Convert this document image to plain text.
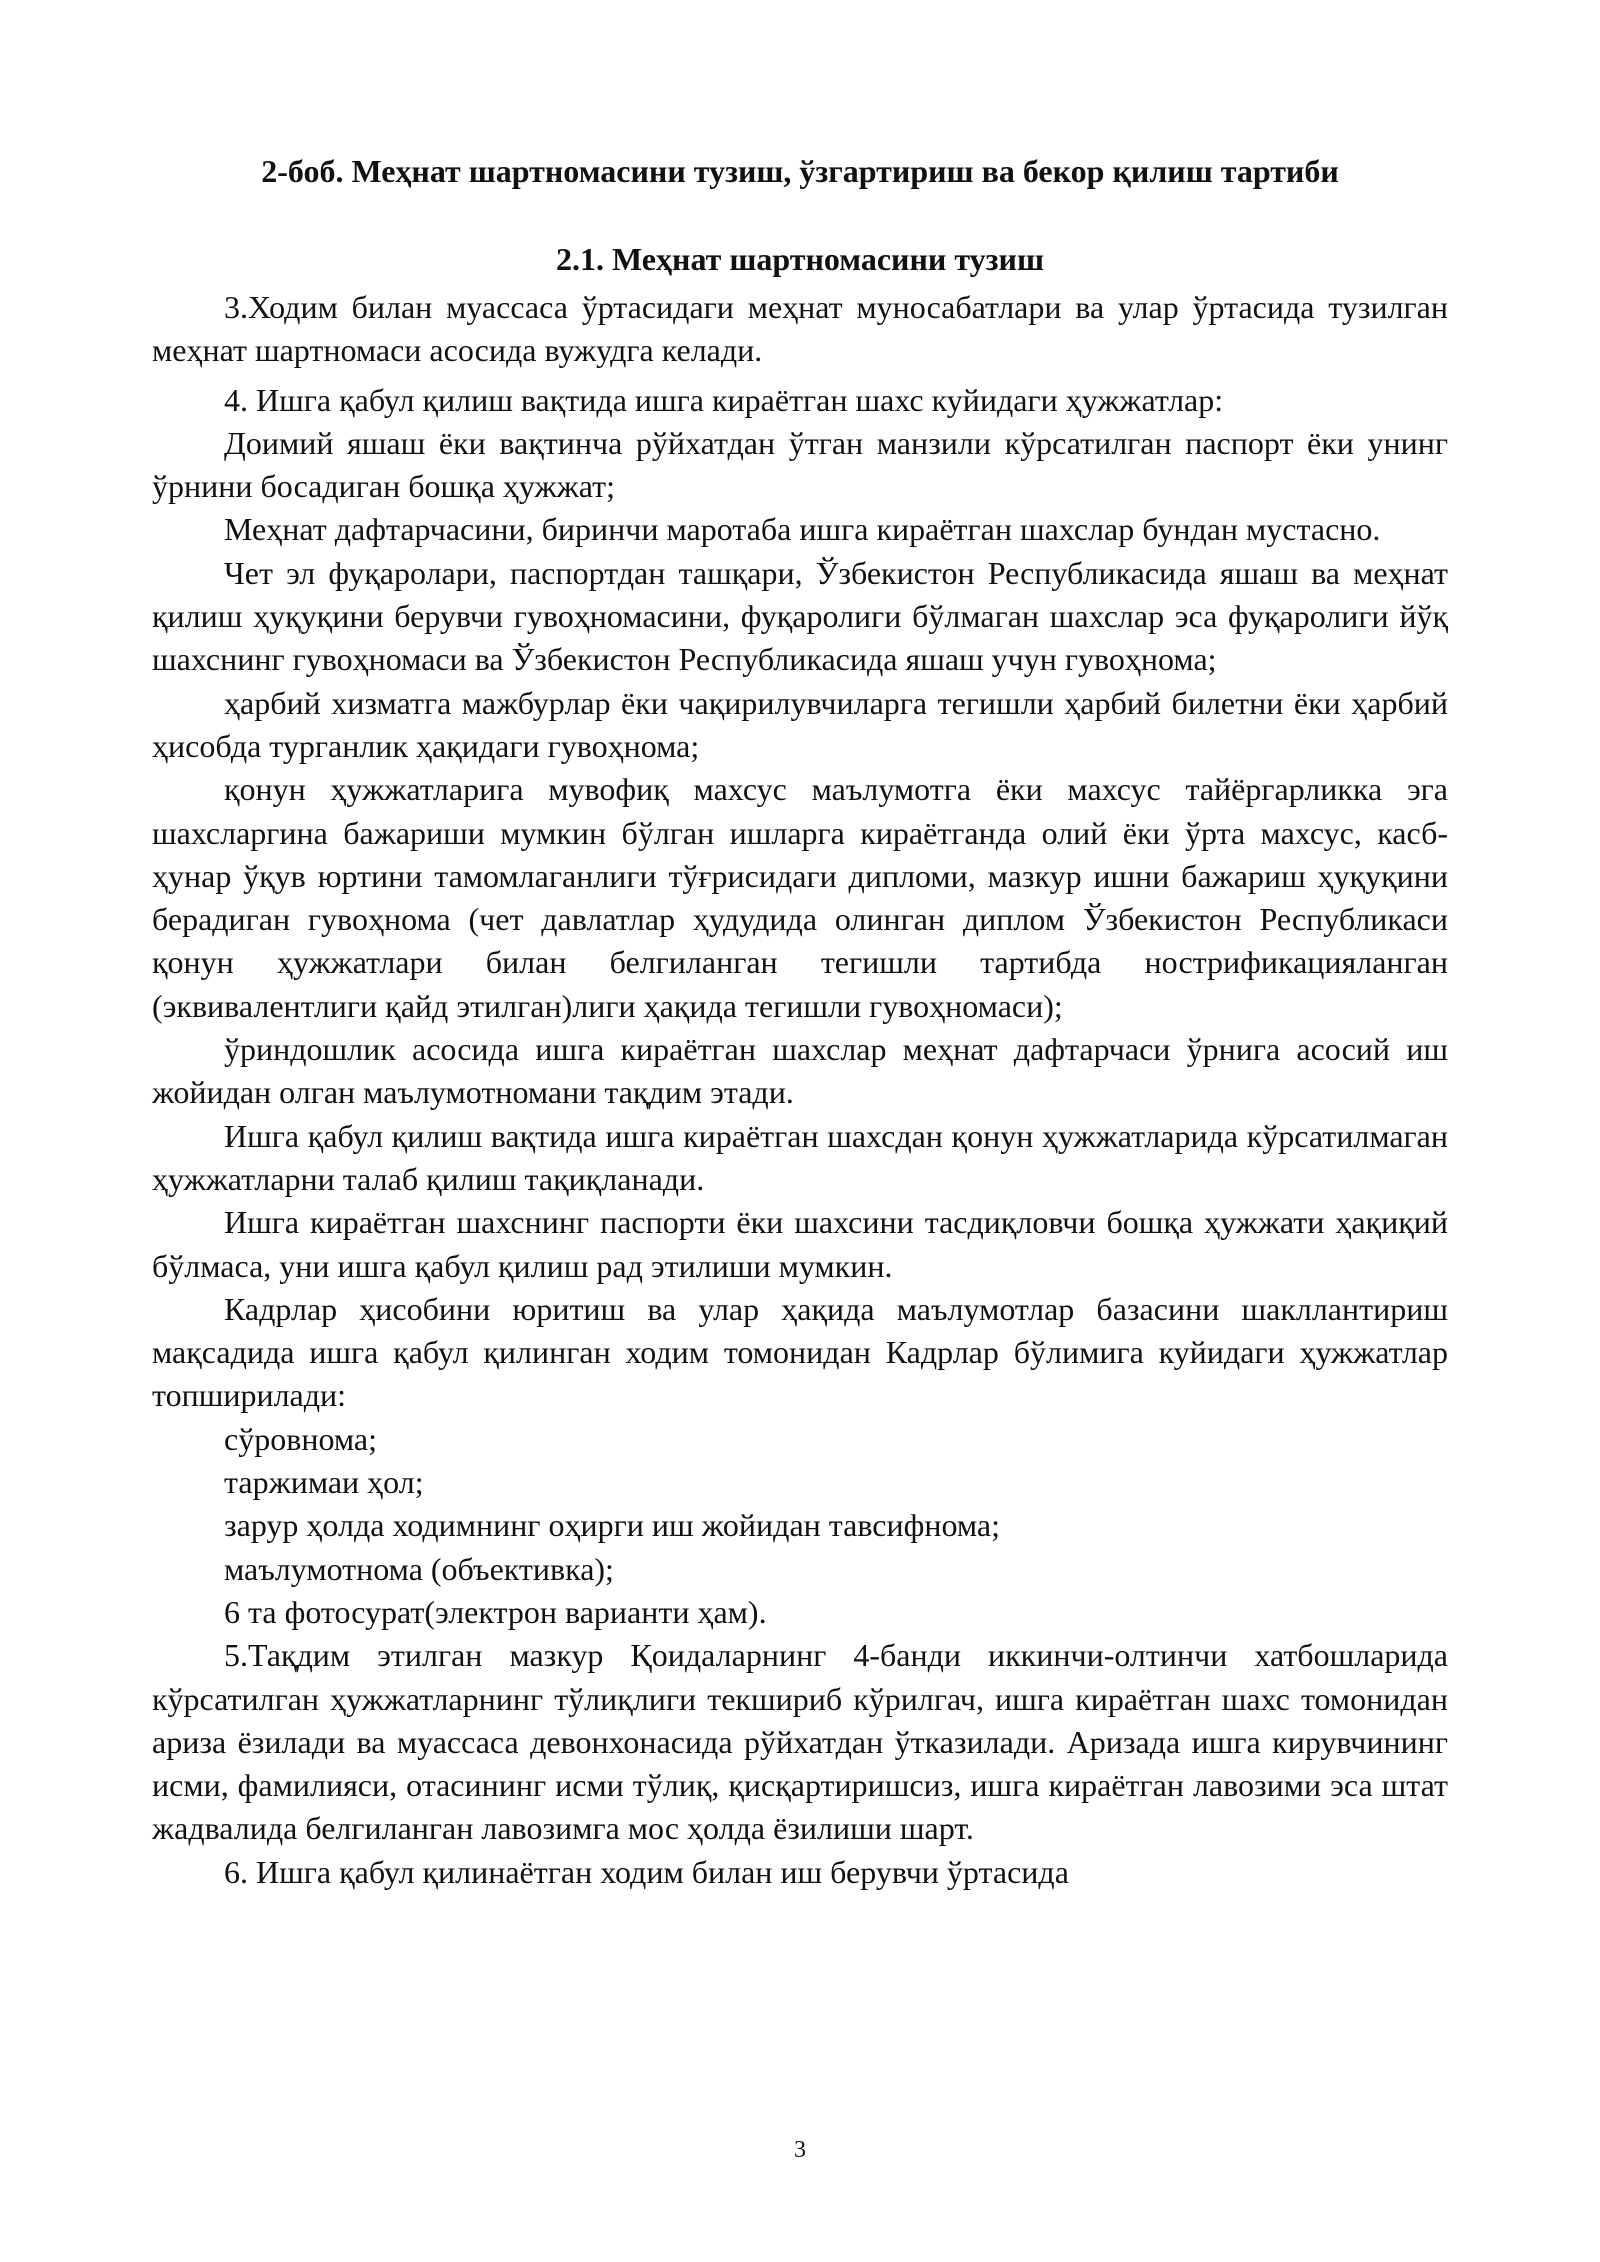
2-боб. Меҳнат шартномасини тузиш, ўзгартириш ва бекор қилиш тартиби
2.1. Меҳнат шартномасини тузиш

3.Ходим билан муассаса ўртасидаги меҳнат муносабатлари ва улар ўртасида тузилган меҳнат шартномаси асосида вужудга келади.

4. Ишга қабул қилиш вақтида ишга кираётган шахс куйидаги ҳужжатлар:

Доимий яшаш ёки вақтинча рўйхатдан ўтган манзили кўрсатилган паспорт ёки унинг ўрнини босадиган бошқа ҳужжат;

Меҳнат дафтарчасини, биринчи маротаба ишга кираётган шахслар бундан мустасно.

Чет эл фуқаролари, паспортдан ташқари, Ўзбекистон Республикасида яшаш ва меҳнат қилиш ҳуқуқини берувчи гувоҳномасини, фуқаролиги бўлмаган шахслар эса фуқаролиги йўқ шахснинг гувоҳномаси ва Ўзбекистон Республикасида яшаш учун гувоҳнома;

ҳарбий хизматга мажбурлар ёки чақирилувчиларга тегишли ҳарбий билетни ёки ҳарбий ҳисобда турганлик ҳақидаги гувоҳнома;

қонун ҳужжатларига мувофиқ махсус маълумотга ёки махсус тайёргарликка эга шахсларгина бажариши мумкин бўлган ишларга кираётганда олий ёки ўрта махсус, касб-ҳунар ўқув юртини тамомлаганлиги тўғрисидаги дипломи, мазкур ишни бажариш ҳуқуқини берадиган гувоҳнома (чет давлатлар ҳудудида олинган диплом Ўзбекистон Республикаси қонун ҳужжатлари билан белгиланган тегишли тартибда нострификацияланган (эквивалентлиги қайд этилган)лиги ҳақида тегишли гувоҳномаси);

ўриндошлик асосида ишга кираётган шахслар меҳнат дафтарчаси ўрнига асосий иш жойидан олган маълумотномани тақдим этади.

Ишга қабул қилиш вақтида ишга кираётган шахсдан қонун ҳужжатларида кўрсатилмаган ҳужжатларни талаб қилиш тақиқланади.

Ишга кираётган шахснинг паспорти ёки шахсини тасдиқловчи бошқа ҳужжати ҳақиқий бўлмаса, уни ишга қабул қилиш рад этилиши мумкин.

Кадрлар ҳисобини юритиш ва улар ҳақида маълумотлар базасини шакллантириш мақсадида ишга қабул қилинган ходим томонидан Кадрлар бўлимига куйидаги ҳужжатлар топширилади:

сўровнома;

таржимаи ҳол;

зарур ҳолда ходимнинг оҳирги иш жойидан тавсифнома;

маълумотнома (объективка);

6 та фотосурат(электрон варианти ҳам).

5.Тақдим этилган мазкур Қоидаларнинг 4-банди иккинчи-олтинчи хатбошларида кўрсатилган ҳужжатларнинг тўлиқлиги текшириб кўрилгач, ишга кираётган шахс томонидан ариза ёзилади ва муассаса девонхонасида рўйхатдан ўтказилади. Аризада ишга кирувчининг исми, фамилияси, отасининг исми тўлиқ, қисқартиришсиз, ишга кираётган лавозими эса штат жадвалида белгиланган лавозимга мос ҳолда ёзилиши шарт.

6. Ишга қабул қилинаётган ходим билан иш берувчи ўртасида

3
